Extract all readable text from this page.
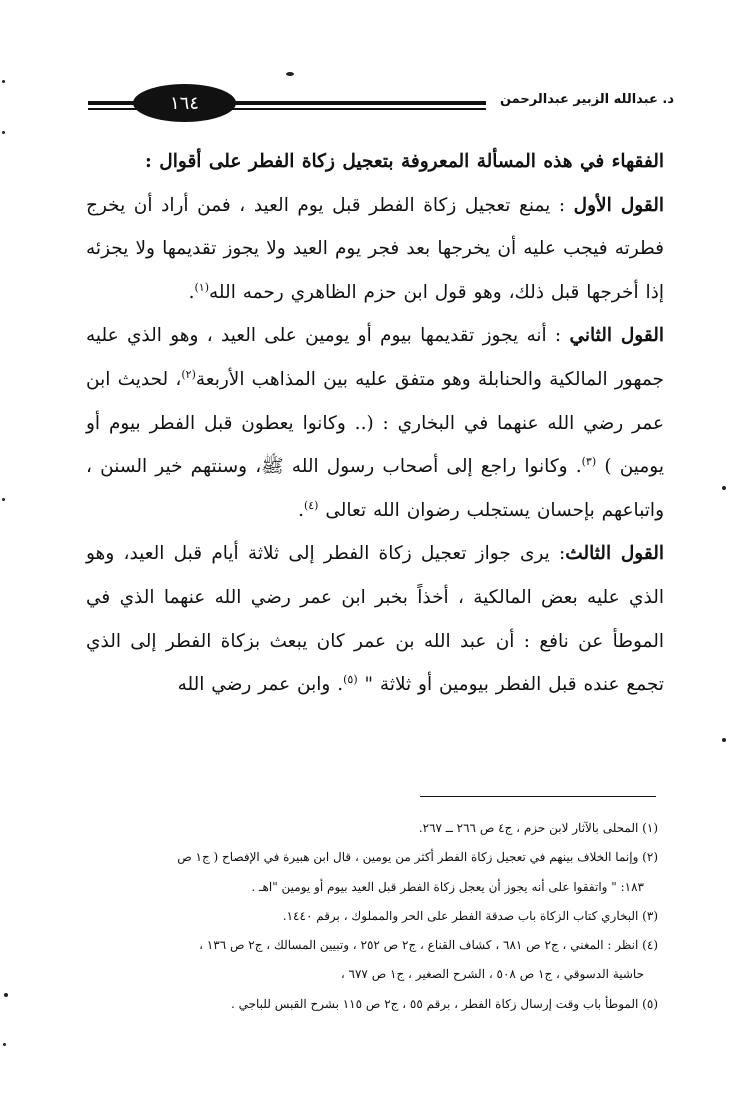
١٦٤	د. عبدالله الزبير عبدالرحمن

الفقهاء في هذه المسألة المعروفة بتعجيل زكاة الفطر على أقوال :

القول الأول : يمنع تعجيل زكاة الفطر قبل يوم العيد ، فمن أراد أن يخرج فطرته فيجب عليه أن يخرجها بعد فجر يوم العيد ولا يجوز تقديمها ولا يجزئه إذا أخرجها قبل ذلك، وهو قول ابن حزم الظاهري رحمه الله$^{(١)}$.

القول الثاني : أنه يجوز تقديمها بيوم أو يومين على العيد ، وهو الذي عليه جمهور المالكية والحنابلة وهو متفق عليه بين المذاهب الأربعة$^{(٢)}$، لحديث ابن عمر رضي الله عنهما في البخاري : (.. وكانوا يعطون قبل الفطر بيوم أو يومين ) $^{(٣)}$. وكانوا راجع إلى أصحاب رسول الله ﷺ، وسنتهم خير السنن ، واتباعهم بإحسان يستجلب رضوان الله تعالى $^{(٤)}$.

القول الثالث: يرى جواز تعجيل زكاة الفطر إلى ثلاثة أيام قبل العيد، وهو الذي عليه بعض المالكية ، أخذاً بخبر ابن عمر رضي الله عنهما الذي في الموطأ عن نافع : أن عبد الله بن عمر كان يبعث بزكاة الفطر إلى الذي تجمع عنده قبل الفطر بيومين أو ثلاثة " $^{(٥)}$. وابن عمر رضي الله

(١) المحلى بالآثار لابن حزم ، ج٤ ص ٢٦٦ ــ ٢٦٧.

(٢) وإنما الخلاف بينهم في تعجيل زكاة الفطر أكثر من يومين ، قال ابن هبيرة في الإفصاح ( ج١ ص

١٨٣: " واتفقوا على أنه يجوز أن يعجل زكاة الفطر قبل العيد بيوم أو يومين "اهـ .

(٣) البخاري كتاب الزكاة باب صدقة الفطر على الحر والمملوك ، برقم ١٤٤٠.

(٤) انظر : المغني ، ج٢ ص ٦٨١ ، كشاف القناع ، ج٢ ص ٢٥٢ ، وتبيين المسالك ، ج٢ ص ١٣٦ ،

حاشية الدسوقي ، ج١ ص ٥٠٨ ، الشرح الصغير ، ج١ ص ٦٧٧ ،

(٥) الموطأ باب وقت إرسال زكاة الفطر ، برقم ٥٥ ، ج٢ ص ١١٥ بشرح القبس للباجي .
